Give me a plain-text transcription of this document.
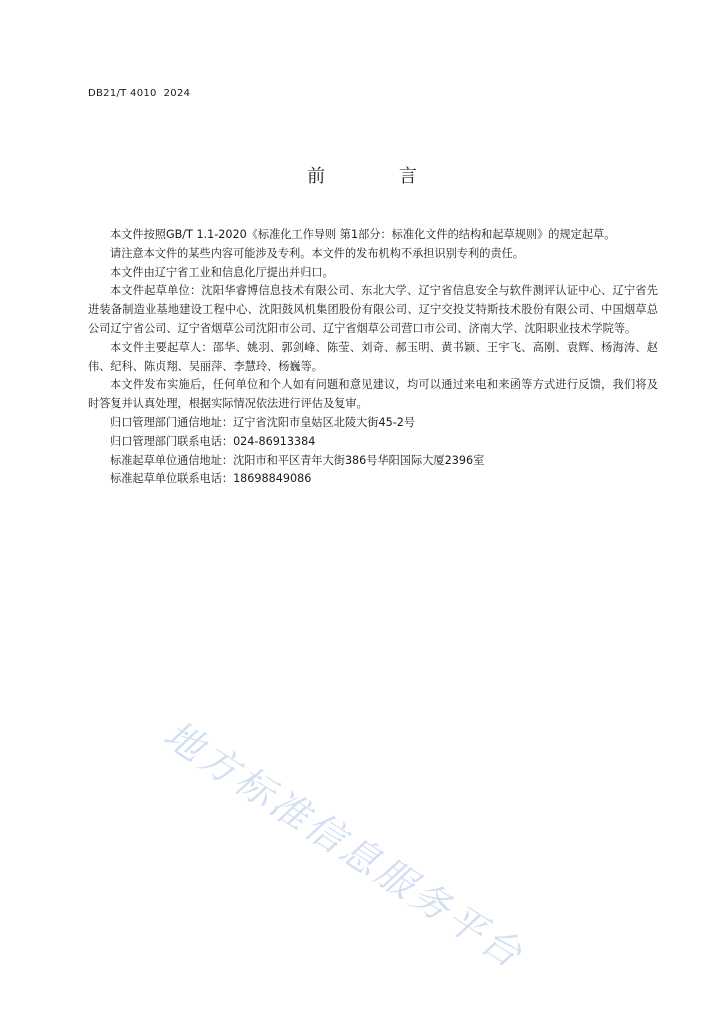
DB21/T 4010  2024
前 言

本文件按照GB/T 1.1-2020《标准化工作导则 第1部分：标准化文件的结构和起草规则》的规定起草。

请注意本文件的某些内容可能涉及专利。本文件的发布机构不承担识别专利的责任。

本文件由辽宁省工业和信息化厅提出并归口。

本文件起草单位：沈阳华睿博信息技术有限公司、东北大学、辽宁省信息安全与软件测评认证中心、辽宁省先进装备制造业基地建设工程中心、沈阳鼓风机集团股份有限公司、辽宁交投艾特斯技术股份有限公司、中国烟草总公司辽宁省公司、辽宁省烟草公司沈阳市公司、辽宁省烟草公司营口市公司、济南大学、沈阳职业技术学院等。

本文件主要起草人：邵华、姚羽、郭剑峰、陈莹、刘奇、郝玉明、黄书颖、王宇飞、高刚、袁辉、杨海涛、赵伟、纪科、陈贞翔、吴丽萍、李慧玲、杨巍等。

本文件发布实施后，任何单位和个人如有问题和意见建议，均可以通过来电和来函等方式进行反馈，我们将及时答复并认真处理，根据实际情况依法进行评估及复审。

归口管理部门通信地址：辽宁省沈阳市皇姑区北陵大街45-2号

归口管理部门联系电话：024-86913384

标准起草单位通信地址：沈阳市和平区青年大街386号华阳国际大厦2396室

标准起草单位联系电话：18698849086

地方标准信息服务平台
